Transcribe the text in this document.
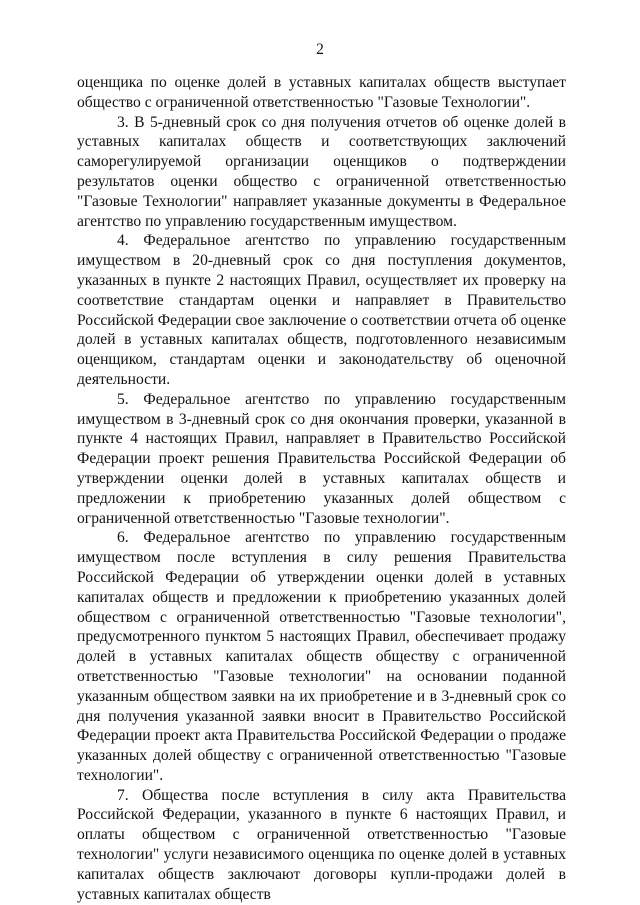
2

оценщика по оценке долей в уставных капиталах обществ выступает общество с ограниченной ответственностью "Газовые Технологии".

3. В 5-дневный срок со дня получения отчетов об оценке долей в уставных капиталах обществ и соответствующих заключений саморегулируемой организации оценщиков о подтверждении результатов оценки общество с ограниченной ответственностью "Газовые Технологии" направляет указанные документы в Федеральное агентство по управлению государственным имуществом.

4. Федеральное агентство по управлению государственным имуществом в 20-дневный срок со дня поступления документов, указанных в пункте 2 настоящих Правил, осуществляет их проверку на соответствие стандартам оценки и направляет в Правительство Российской Федерации свое заключение о соответствии отчета об оценке долей в уставных капиталах обществ, подготовленного независимым оценщиком, стандартам оценки и законодательству об оценочной деятельности.

5. Федеральное агентство по управлению государственным имуществом в 3-дневный срок со дня окончания проверки, указанной в пункте 4 настоящих Правил, направляет в Правительство Российской Федерации проект решения Правительства Российской Федерации об утверждении оценки долей в уставных капиталах обществ и предложении к приобретению указанных долей обществом с ограниченной ответственностью "Газовые технологии".

6. Федеральное агентство по управлению государственным имуществом после вступления в силу решения Правительства Российской Федерации об утверждении оценки долей в уставных капиталах обществ и предложении к приобретению указанных долей обществом с ограниченной ответственностью "Газовые технологии", предусмотренного пунктом 5 настоящих Правил, обеспечивает продажу долей в уставных капиталах обществ обществу с ограниченной ответственностью "Газовые технологии" на основании поданной указанным обществом заявки на их приобретение и в 3-дневный срок со дня получения указанной заявки вносит в Правительство Российской Федерации проект акта Правительства Российской Федерации о продаже указанных долей обществу с ограниченной ответственностью "Газовые технологии".

7. Общества после вступления в силу акта Правительства Российской Федерации, указанного в пункте 6 настоящих Правил, и оплаты обществом с ограниченной ответственностью "Газовые технологии" услуги независимого оценщика по оценке долей в уставных капиталах обществ заключают договоры купли-продажи долей в уставных капиталах обществ
